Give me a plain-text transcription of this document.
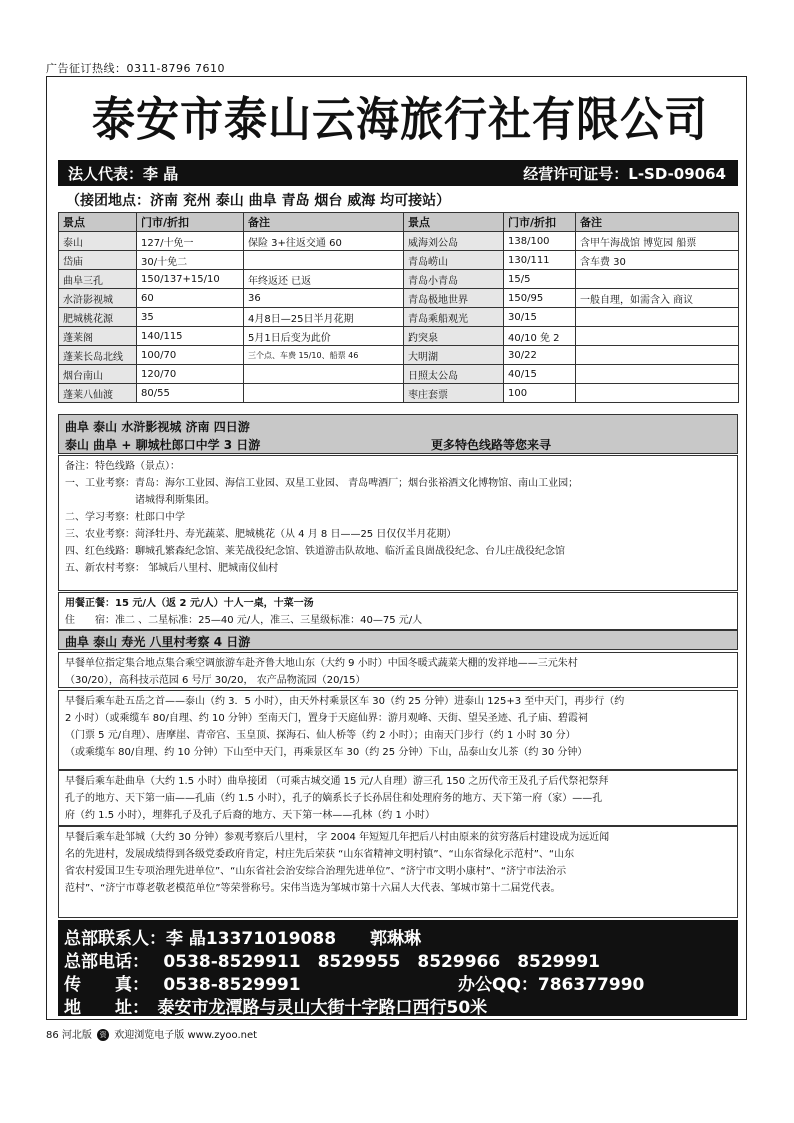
广告征订热线：0311-8796 7610
泰安市泰山云海旅行社有限公司
法人代表：李 晶	经营许可证号：L-SD-09064
（接团地点：济南 兖州 泰山 曲阜 青岛 烟台 威海 均可接站）
景点	门市/折扣	备注	景点	门市/折扣	备注
泰山	127/十免一	保险 3+往返交通 60	威海刘公岛	138/100	含甲午海战馆 博览园 船票
岱庙	30/十免二		青岛崂山	130/111	含车费 30
曲阜三孔	150/137+15/10	年终返还 已返	青岛小青岛	15/5	
水浒影视城	60	36	青岛极地世界	150/95	一般自理，如需含入 商议
肥城桃花源	35	4月8日—25日半月花期	青岛乘船观光	30/15	
蓬莱阁	140/115	5月1日后变为此价	趵突泉	40/10 免 2	
蓬莱长岛北线	100/70	三个点、车费 15/10、船票 46	大明湖	30/22	
烟台南山	120/70		日照太公岛	40/15	
蓬莱八仙渡	80/55		枣庄套票	100	
曲阜 泰山 水浒影视城 济南 四日游
泰山 曲阜 + 聊城杜郎口中学 3 日游	更多特色线路等您来寻
备注：特色线路（景点）：
一、工业考察：青岛：海尔工业园、海信工业园、双星工业园、 青岛啤酒厂；烟台张裕酒文化博物馆、南山工业园；
　　　　　　　诸城得利斯集团。
二、学习考察：杜郎口中学
三、农业考察：菏泽牡丹、寿光蔬菜、肥城桃花（从 4 月 8 日——25 日仅仅半月花期）
四、红色线路：聊城孔繁森纪念馆、莱芜战役纪念馆、铁道游击队故地、临沂孟良崮战役纪念、台儿庄战役纪念馆
五、新农村考察： 邹城后八里村、肥城南仪仙村
用餐正餐：15 元/人（返 2 元/人）十人一桌，十菜一汤
住　　宿：准二 、二星标准：25—40 元/人，准三、三星级标准：40—75 元/人
曲阜 泰山 寿光 八里村考察 4 日游
早餐单位指定集合地点集合乘空调旅游车赴齐鲁大地山东（大约 9 小时）中国冬暖式蔬菜大棚的发祥地——三元朱村
（30/20），高科技示范园 6 号厅 30/20， 农产品物流园（20/15）
早餐后乘车赴五岳之首——泰山（约 3．5 小时），由天外村乘景区车 30（约 25 分钟）进泰山 125+3 至中天门，再步行（约
2 小时）（或乘缆车 80/自理、约 10 分钟）至南天门，置身于天庭仙界：游月观峰、天街、望吴圣迹、孔子庙、碧霞祠
（门票 5 元/自理）、唐摩崖、青帝宫、玉皇顶、探海石、仙人桥等（约 2 小时）；由南天门步行（约 1 小时 30 分）
（或乘缆车 80/自理、约 10 分钟）下山至中天门，再乘景区车 30（约 25 分钟）下山，品泰山女儿茶（约 30 分钟）
早餐后乘车赴曲阜（大约 1.5 小时）曲阜接团 （可乘古城交通 15 元/人自理）游三孔 150 之历代帝王及孔子后代祭祀祭拜
孔子的地方、天下第一庙——孔庙（约 1.5 小时），孔子的嫡系长子长孙居住和处理府务的地方、天下第一府（家）——孔
府（约 1.5 小时），埋葬孔子及孔子后裔的地方、天下第一林——孔林（约 1 小时）
早餐后乘车赴邹城（大约 30 分钟）参观考察后八里村， 字 2004 年短短几年把后八村由原来的贫穷落后村建设成为远近闻
名的先进村，发展成绩得到各级党委政府肯定，村庄先后荣获 “山东省精神文明村镇”、“山东省绿化示范村”、“山东
省农村爱国卫生专项治理先进单位”、“山东省社会治安综合治理先进单位”、“济宁市文明小康村”、“济宁市法治示
范村”、“济宁市尊老敬老模范单位”等荣誉称号。宋伟当选为邹城市第十六届人大代表、邹城市第十二届党代表。
总部联系人：李 晶13371019088　　郭琳琳
总部电话：　 0538-8529911　8529955　8529966　8529991
传　　真：　 0538-8529991	办公QQ：786377990
地　　址：　泰安市龙潭路与灵山大街十字路口西行50米
86 河北版 资 欢迎浏览电子版 www.zyoo.net
